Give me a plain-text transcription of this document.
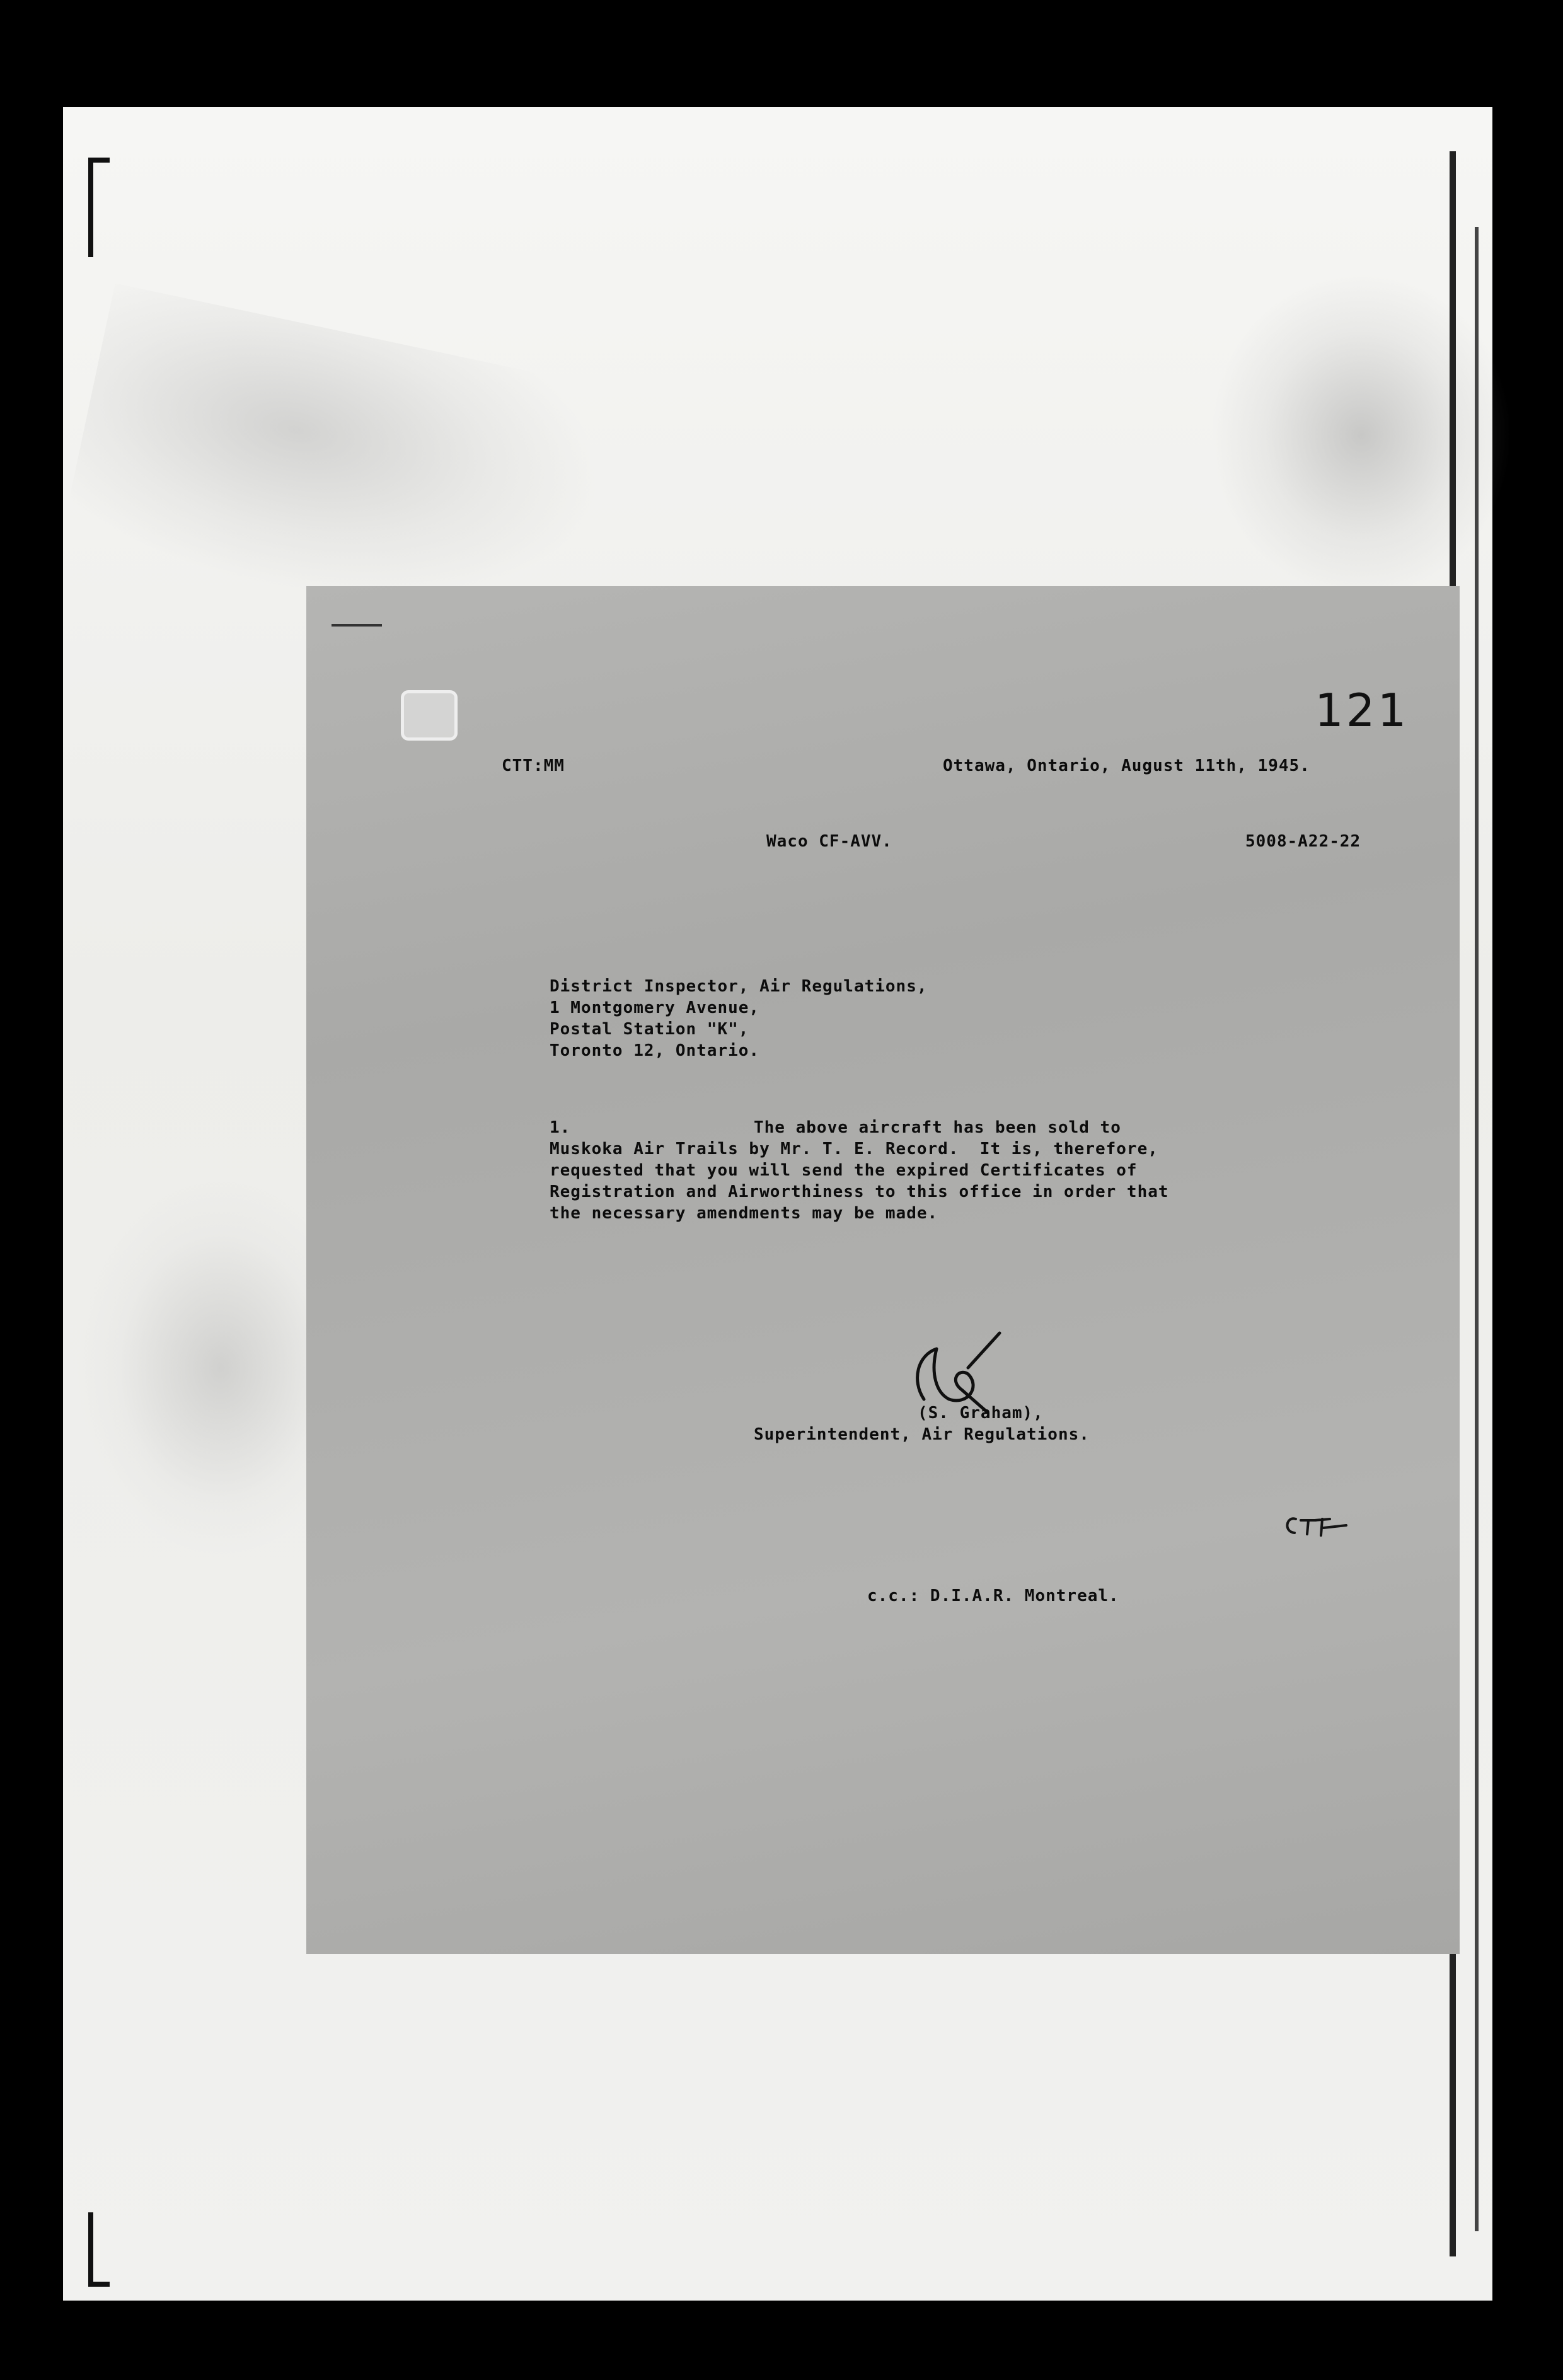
121
CTT:MM	Ottawa, Ontario, August 11th, 1945.
Waco CF-AVV.	5008-A22-22
District Inspector, Air Regulations,
1 Montgomery Avenue,
Postal Station "K",
Toronto 12, Ontario.
1.	The above aircraft has been sold to
Muskoka Air Trails by Mr. T. E. Record.  It is, therefore,
requested that you will send the expired Certificates of
Registration and Airworthiness to this office in order that
the necessary amendments may be made.
(S. Graham),
Superintendent, Air Regulations.
c.c.: D.I.A.R. Montreal.
